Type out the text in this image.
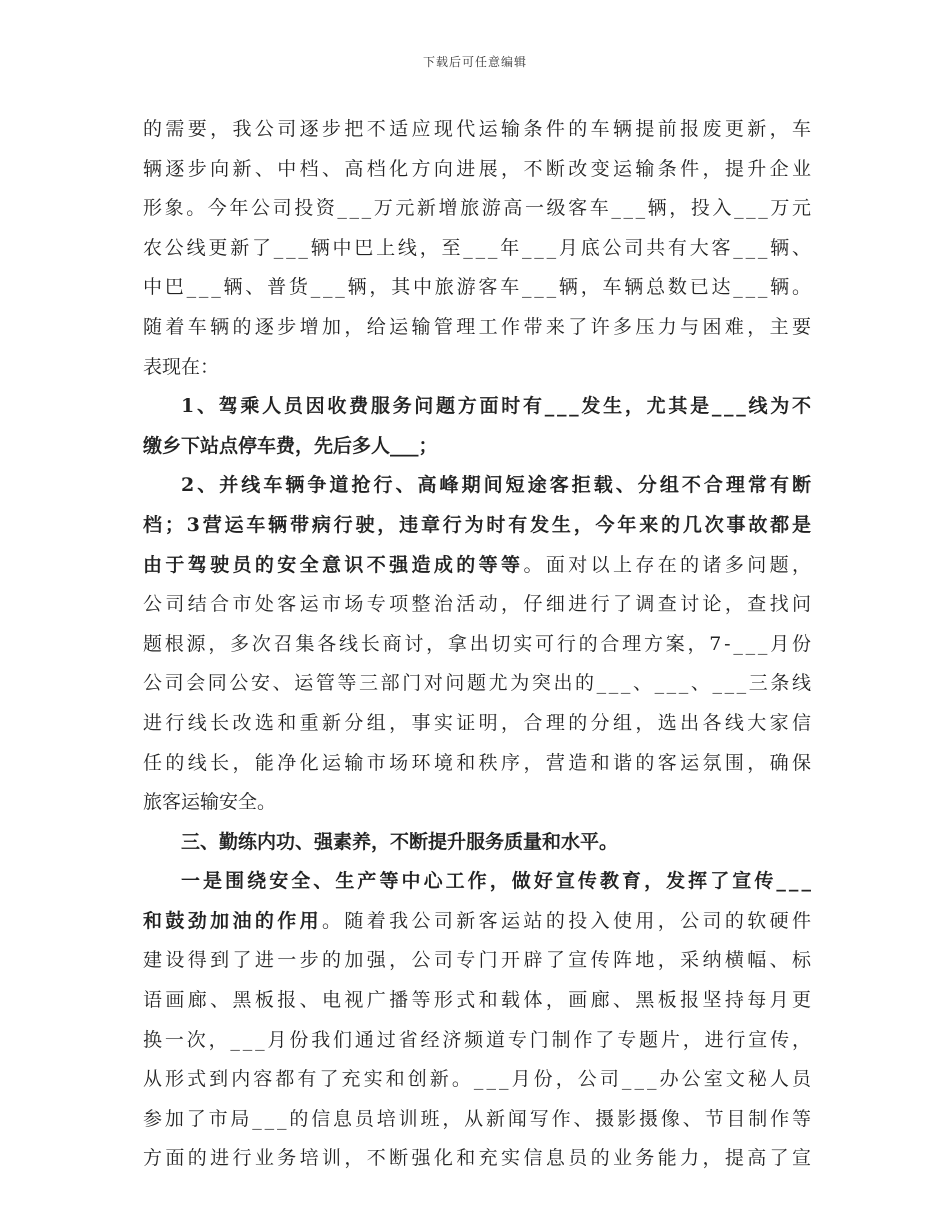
下载后可任意编辑
的需要，我公司逐步把不适应现代运输条件的车辆提前报废更新，车
辆逐步向新、中档、高档化方向进展，不断改变运输条件，提升企业
形象。今年公司投资___万元新增旅游高一级客车___辆，投入___万元
农公线更新了___辆中巴上线，至___年___月底公司共有大客___辆、
中巴___辆、普货___辆，其中旅游客车___辆，车辆总数已达___辆。
随着车辆的逐步增加，给运输管理工作带来了许多压力与困难，主要
表现在：
1、驾乘人员因收费服务问题方面时有___发生，尤其是___线为不
缴乡下站点停车费，先后多人___；
2、并线车辆争道抢行、高峰期间短途客拒载、分组不合理常有断
档；3营运车辆带病行驶，违章行为时有发生，今年来的几次事故都是
由于驾驶员的安全意识不强造成的等等 。面对以上存在的诸多问题，
公司结合市处客运市场专项整治活动，仔细进行了调查讨论，查找问
题根源，多次召集各线长商讨，拿出切实可行的合理方案，7-___月份
公司会同公安、运管等三部门对问题尤为突出的___、___、___三条线
进行线长改选和重新分组，事实证明，合理的分组，选出各线大家信
任的线长，能净化运输市场环境和秩序，营造和谐的客运氛围，确保
旅客运输安全。
三、勤练内功、强素养，不断提升服务质量和水平。
一是围绕安全、生产等中心工作，做好宣传教育，发挥了宣传___
和鼓劲加油的作用 。随着我公司新客运站的投入使用，公司的软硬件
建设得到了进一步的加强，公司专门开辟了宣传阵地，采纳横幅、标
语画廊、黑板报、电视广播等形式和载体，画廊、黑板报坚持每月更
换一次，___月份我们通过省经济频道专门制作了专题片，进行宣传，
从形式到内容都有了充实和创新。___月份，公司___办公室文秘人员
参加了市局___的信息员培训班，从新闻写作、摄影摄像、节目制作等
方面的进行业务培训，不断强化和充实信息员的业务能力，提高了宣
